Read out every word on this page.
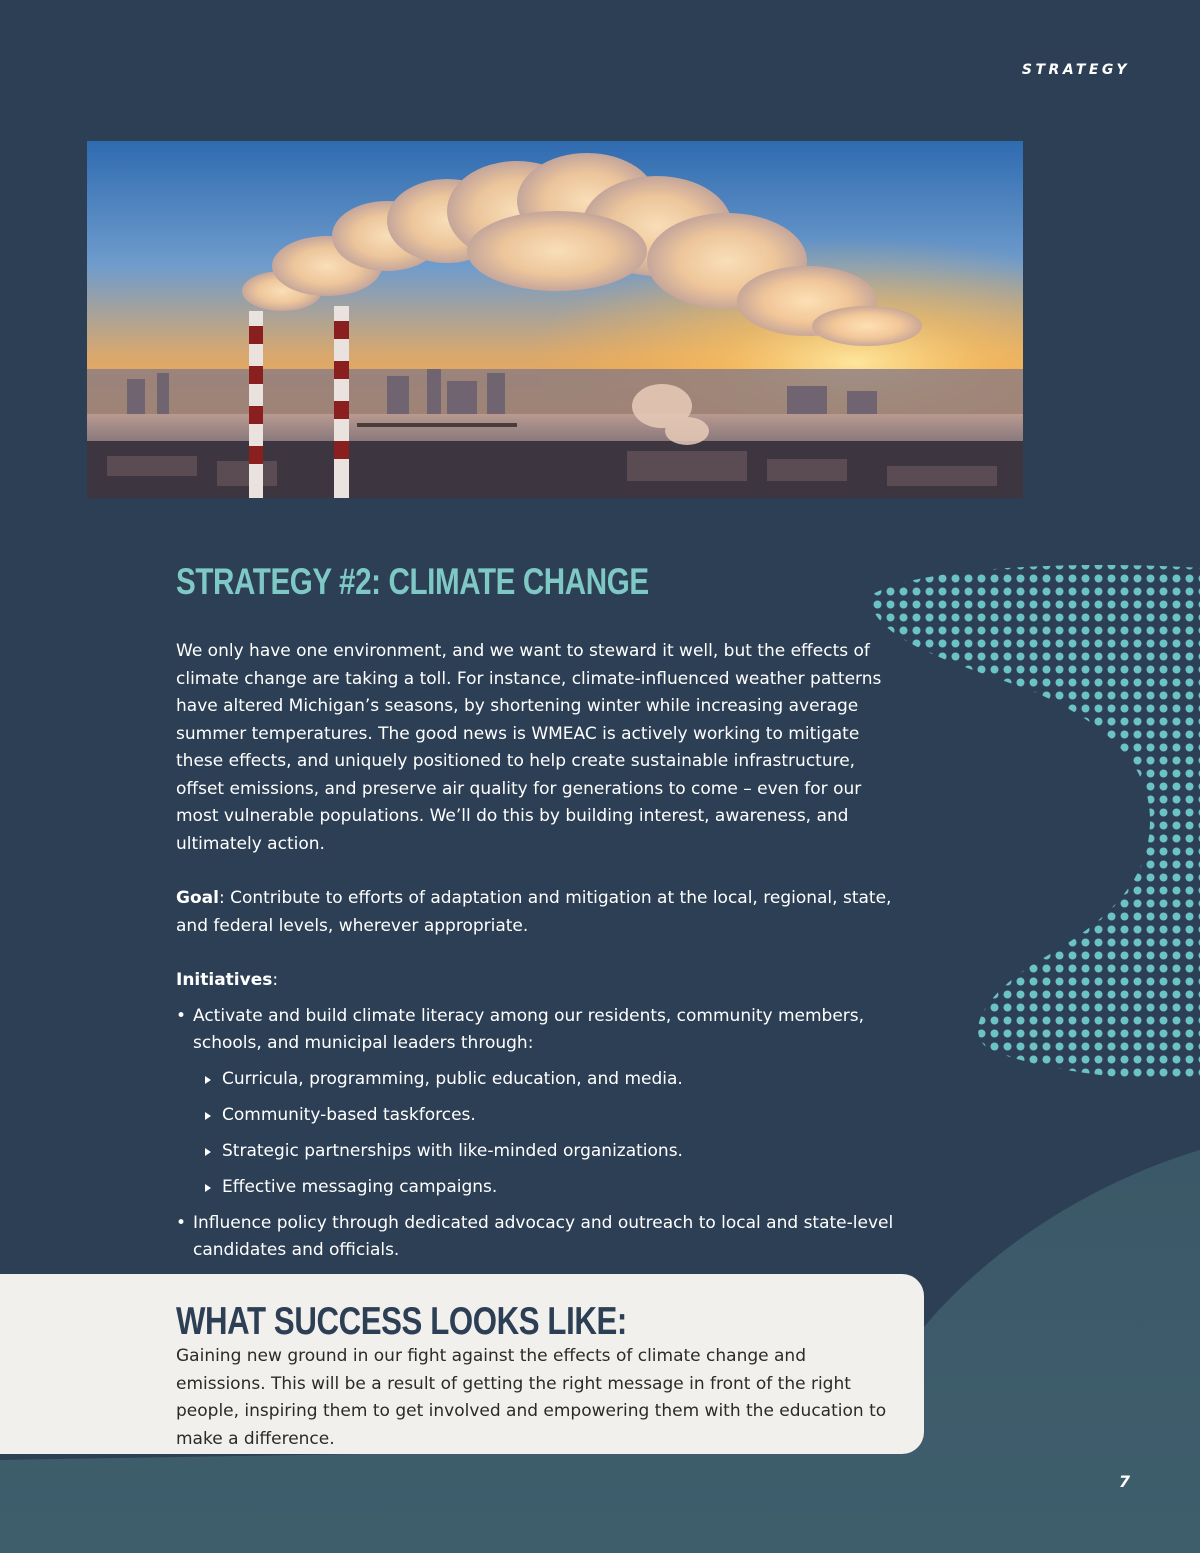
STRATEGY
STRATEGY #2: CLIMATE CHANGE

We only have one environment, and we want to steward it well, but the effects of climate change are taking a toll. For instance, climate-influenced weather patterns have altered Michigan’s seasons, by shortening winter while increasing average summer temperatures. The good news is WMEAC is actively working to mitigate these effects, and uniquely positioned to help create sustainable infrastructure, offset emissions, and preserve air quality for generations to come – even for our most vulnerable populations. We’ll do this by building interest, awareness, and ultimately action.

Goal: Contribute to efforts of adaptation and mitigation at the local, regional, state, and federal levels, wherever appropriate.

Initiatives:

• Activate and build climate literacy among our residents, community members, schools, and municipal leaders through:
Curricula, programming, public education, and media.
Community-based taskforces.
Strategic partnerships with like-minded organizations.
Effective messaging campaigns.
• Influence policy through dedicated advocacy and outreach to local and state-level candidates and officials.
WHAT SUCCESS LOOKS LIKE:

Gaining new ground in our fight against the effects of climate change and emissions. This will be a result of getting the right message in front of the right people, inspiring them to get involved and empowering them with the education to make a difference.

7
